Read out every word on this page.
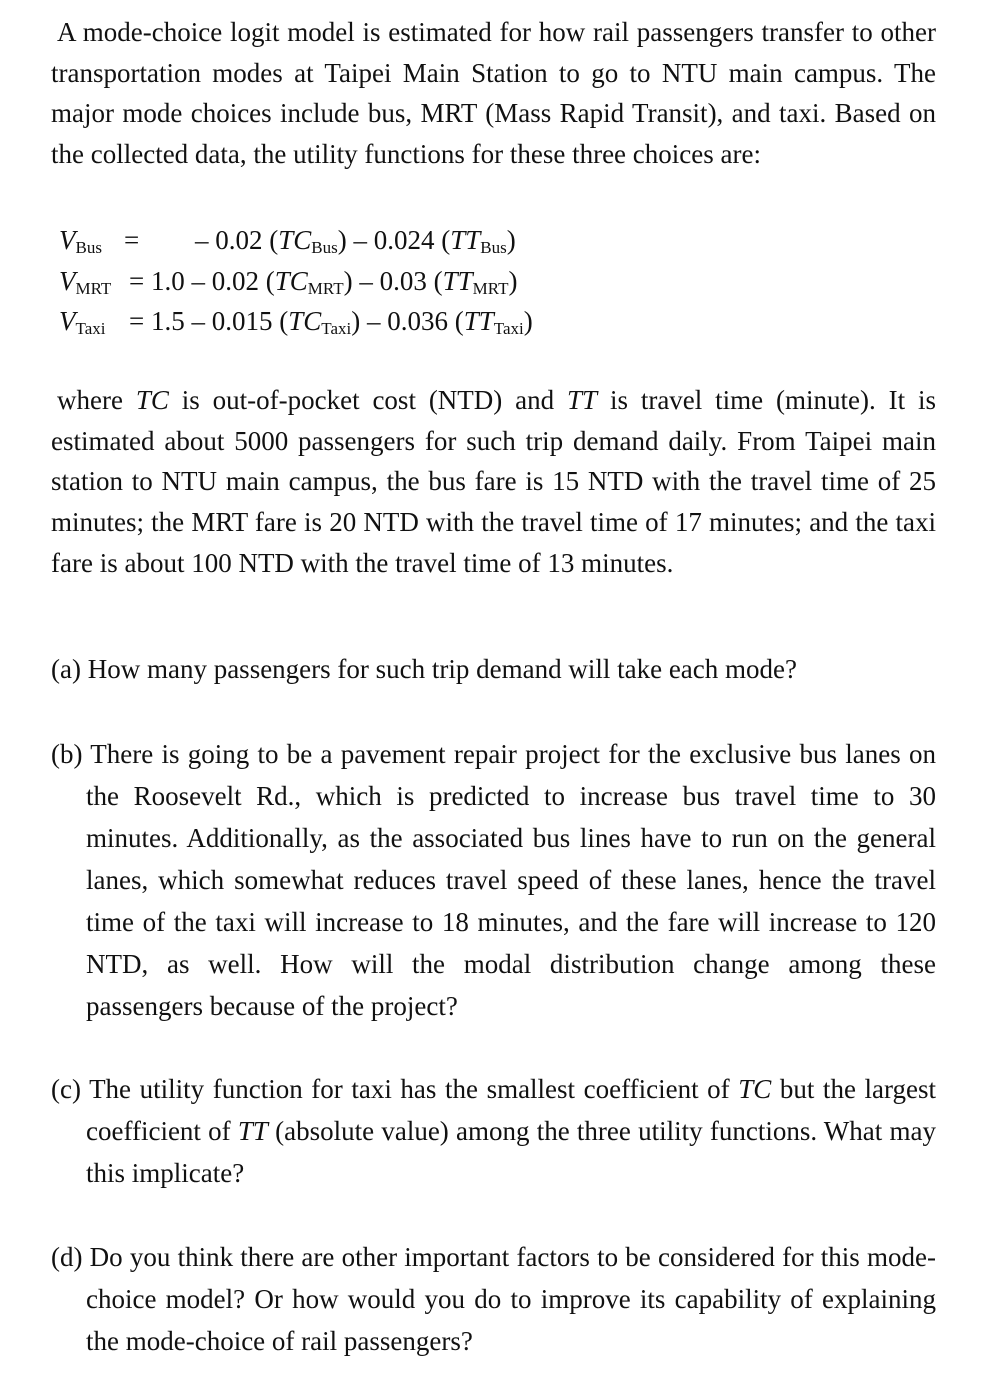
A mode-choice logit model is estimated for how rail passengers transfer to other transportation modes at Taipei Main Station to go to NTU main campus. The major mode choices include bus, MRT (Mass Rapid Transit), and taxi. Based on the collected data, the utility functions for these three choices are:

$V_{Bus}$ = – 0.02 $(TC_{Bus}) - 0.024$ $(TT_{Bus})$
$V_{MRT} = 1.0 - 0.02$ $(TC_{MRT}) - 0.03$ $(TT_{MRT})$
$V_{Taxi} = 1.5 - 0.015$ $(TC_{Taxi}) - 0.036$ $(TT_{Taxi})$

where TC is out-of-pocket cost (NTD) and TT is travel time (minute). It is estimated about 5000 passengers for such trip demand daily. From Taipei main station to NTU main campus, the bus fare is 15 NTD with the travel time of 25 minutes; the MRT fare is 20 NTD with the travel time of 17 minutes; and the taxi fare is about 100 NTD with the travel time of 13 minutes.

(a) How many passengers for such trip demand will take each mode?

(b) There is going to be a pavement repair project for the exclusive bus lanes on the Roosevelt Rd., which is predicted to increase bus travel time to 30 minutes. Additionally, as the associated bus lines have to run on the general lanes, which somewhat reduces travel speed of these lanes, hence the travel time of the taxi will increase to 18 minutes, and the fare will increase to 120 NTD, as well. How will the modal distribution change among these passengers because of the project?

(c) The utility function for taxi has the smallest coefficient of TC but the largest coefficient of TT (absolute value) among the three utility functions. What may this implicate?

(d) Do you think there are other important factors to be considered for this mode-choice model? Or how would you do to improve its capability of explaining the mode-choice of rail passengers?
